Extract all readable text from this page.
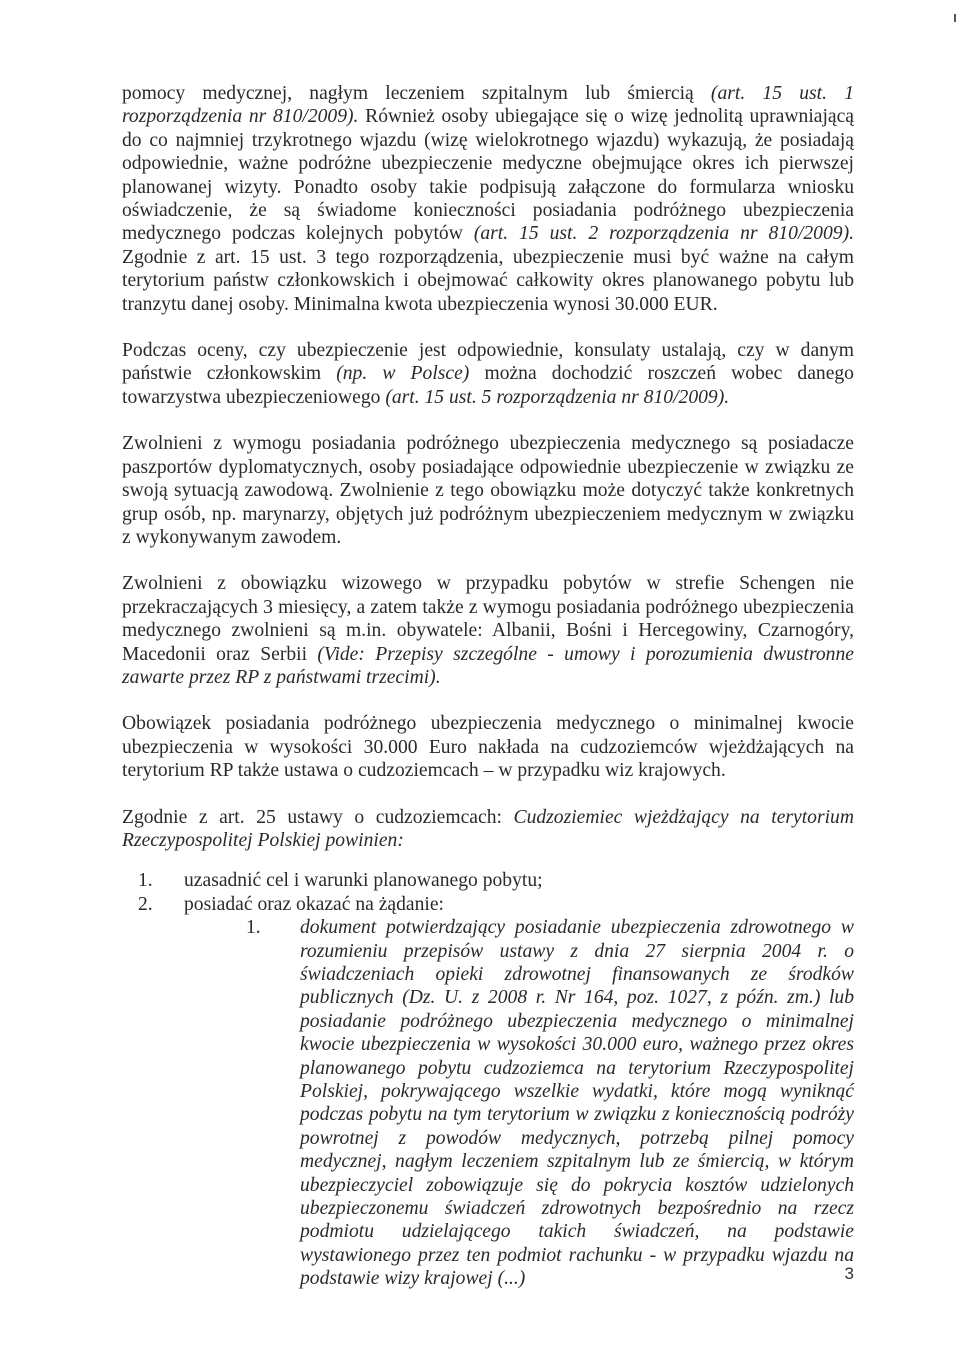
pomocy medycznej, nagłym leczeniem szpitalnym lub śmiercią (art. 15 ust. 1 rozporządzenia nr 810/2009). Również osoby ubiegające się o wizę jednolitą uprawniającą do co najmniej trzykrotnego wjazdu (wizę wielokrotnego wjazdu) wykazują, że posiadają odpowiednie, ważne podróżne ubezpieczenie medyczne obejmujące okres ich pierwszej planowanej wizyty. Ponadto osoby takie podpisują załączone do formularza wniosku oświadczenie, że są świadome konieczności posiadania podróżnego ubezpieczenia medycznego podczas kolejnych pobytów (art. 15 ust. 2 rozporządzenia nr 810/2009). Zgodnie z art. 15 ust. 3 tego rozporządzenia, ubezpieczenie musi być ważne na całym terytorium państw członkowskich i obejmować całkowity okres planowanego pobytu lub tranzytu danej osoby. Minimalna kwota ubezpieczenia wynosi 30.000 EUR.

Podczas oceny, czy ubezpieczenie jest odpowiednie, konsulaty ustalają, czy w danym państwie członkowskim (np. w Polsce) można dochodzić roszczeń wobec danego towarzystwa ubezpieczeniowego (art. 15 ust. 5 rozporządzenia nr 810/2009).

Zwolnieni z wymogu posiadania podróżnego ubezpieczenia medycznego są posiadacze paszportów dyplomatycznych, osoby posiadające odpowiednie ubezpieczenie w związku ze swoją sytuacją zawodową. Zwolnienie z tego obowiązku może dotyczyć także konkretnych grup osób, np. marynarzy, objętych już podróżnym ubezpieczeniem medycznym w związku z wykonywanym zawodem.

Zwolnieni z obowiązku wizowego w przypadku pobytów w strefie Schengen nie przekraczających 3 miesięcy, a zatem także z wymogu posiadania podróżnego ubezpieczenia medycznego zwolnieni są m.in. obywatele: Albanii, Bośni i Hercegowiny, Czarnogóry, Macedonii oraz Serbii (Vide: Przepisy szczególne - umowy i porozumienia dwustronne zawarte przez RP z państwami trzecimi).

Obowiązek posiadania podróżnego ubezpieczenia medycznego o minimalnej kwocie ubezpieczenia w wysokości 30.000 Euro nakłada na cudzoziemców wjeżdżających na terytorium RP także ustawa o cudzoziemcach – w przypadku wiz krajowych.

Zgodnie z art. 25 ustawy o cudzoziemcach: Cudzoziemiec wjeżdżający na terytorium Rzeczypospolitej Polskiej powinien:

1.	uzasadnić cel i warunki planowanego pobytu;
2.	posiadać oraz okazać na żądanie:
1.	dokument potwierdzający posiadanie ubezpieczenia zdrowotnego w rozumieniu przepisów ustawy z dnia 27 sierpnia 2004 r. o świadczeniach opieki zdrowotnej finansowanych ze środków publicznych (Dz. U. z 2008 r. Nr 164, poz. 1027, z późn. zm.) lub posiadanie podróżnego ubezpieczenia medycznego o minimalnej kwocie ubezpieczenia w wysokości 30.000 euro, ważnego przez okres planowanego pobytu cudzoziemca na terytorium Rzeczypospolitej Polskiej, pokrywającego wszelkie wydatki, które mogą wyniknąć podczas pobytu na tym terytorium w związku z koniecznością podróży powrotnej z powodów medycznych, potrzebą pilnej pomocy medycznej, nagłym leczeniem szpitalnym lub ze śmiercią, w którym ubezpieczyciel zobowiązuje się do pokrycia kosztów udzielonych ubezpieczonemu świadczeń zdrowotnych bezpośrednio na rzecz podmiotu udzielającego takich świadczeń, na podstawie wystawionego przez ten podmiot rachunku - w przypadku wjazdu na podstawie wizy krajowej (...)	3
